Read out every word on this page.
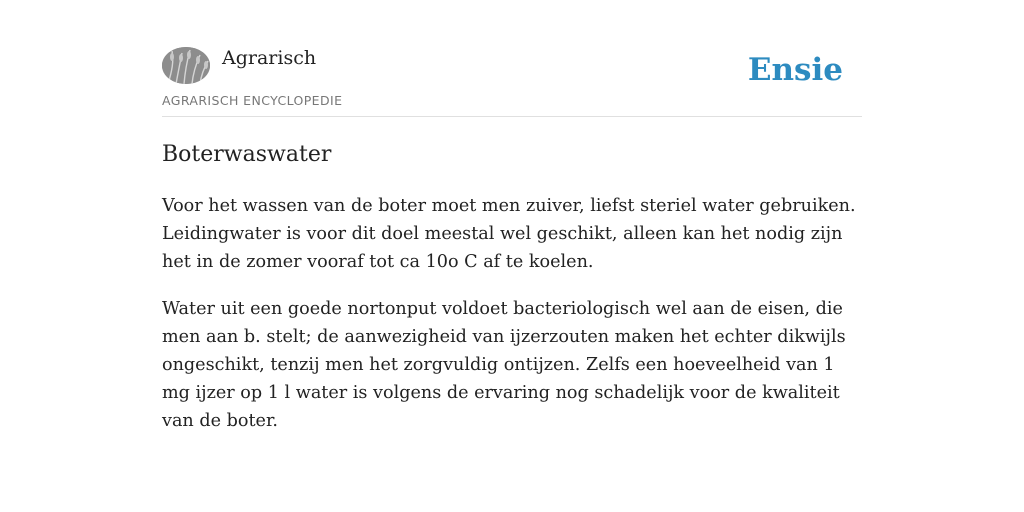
Agrarisch
AGRARISCH ENCYCLOPEDIE
Ensie
Boterwaswater

Voor het wassen van de boter moet men zuiver, liefst steriel water gebruiken. Leidingwater is voor dit doel meestal wel geschikt, alleen kan het nodig zijn het in de zomer vooraf tot ca 10o C af te koelen.

Water uit een goede nortonput voldoet bacteriologisch wel aan de eisen, die men aan b. stelt; de aanwezigheid van ijzerzouten maken het echter dikwijls ongeschikt, tenzij men het zorgvuldig ontijzen. Zelfs een hoeveelheid van 1 mg ijzer op 1 l water is volgens de ervaring nog schadelijk voor de kwaliteit van de boter.
